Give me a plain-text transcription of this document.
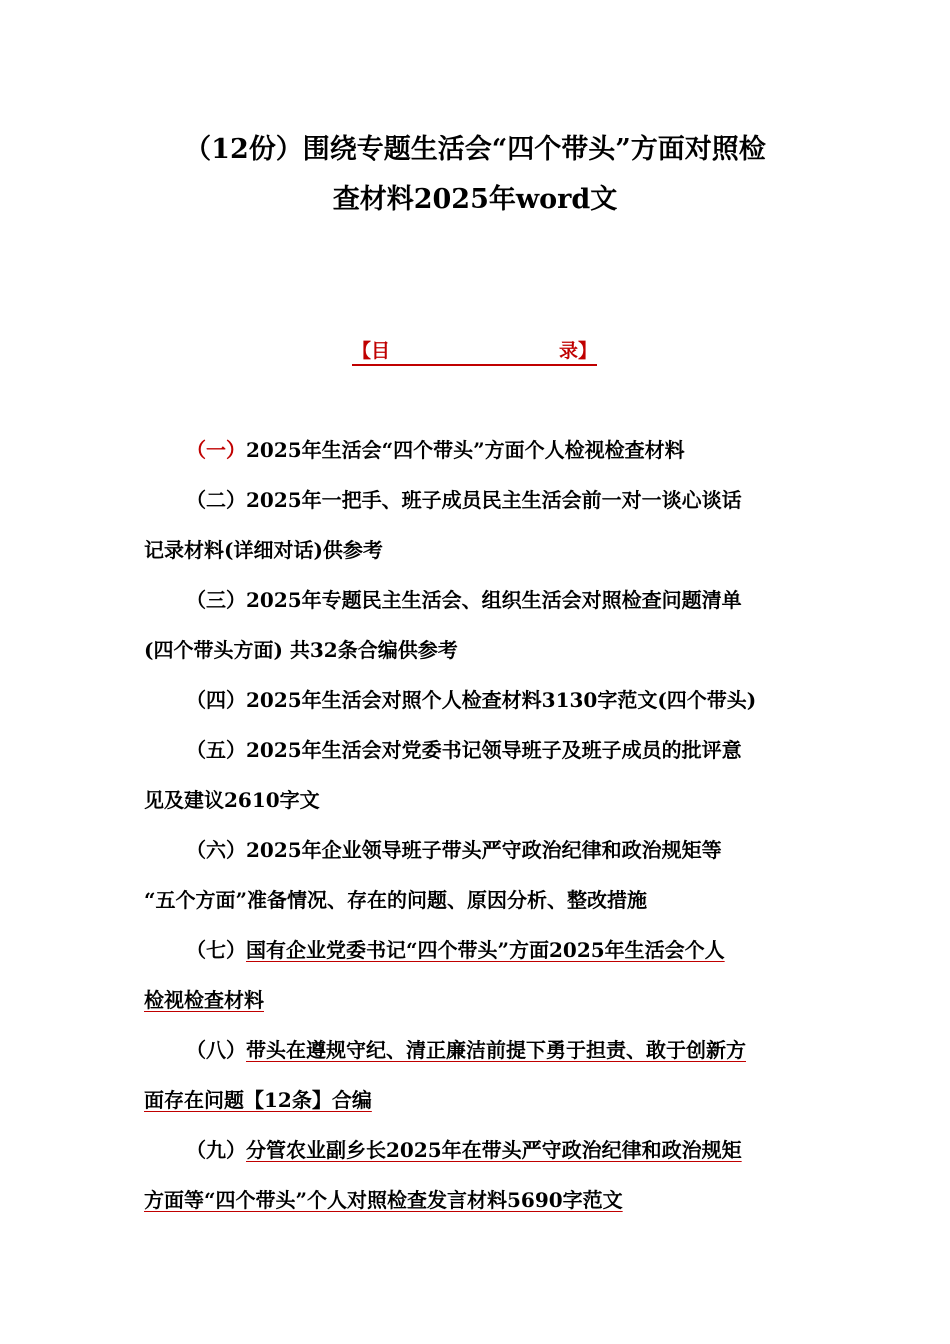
（12份）围绕专题生活会“四个带头”方面对照检
查材料2025年word文
【目	录】
（一）2025年生活会“四个带头”方面个人检视检查材料
（二）2025年一把手、班子成员民主生活会前一对一谈心谈话
记录材料(详细对话)供参考
（三）2025年专题民主生活会、组织生活会对照检查问题清单
(四个带头方面) 共32条合编供参考
（四）2025年生活会对照个人检查材料3130字范文(四个带头)
（五）2025年生活会对党委书记领导班子及班子成员的批评意
见及建议2610字文
（六）2025年企业领导班子带头严守政治纪律和政治规矩等
“五个方面”准备情况、存在的问题、原因分析、整改措施
（七）国有企业党委书记“四个带头”方面2025年生活会个人
检视检查材料
（八）带头在遵规守纪、清正廉洁前提下勇于担责、敢于创新方
面存在问题【12条】合编
（九）分管农业副乡长2025年在带头严守政治纪律和政治规矩
方面等“四个带头”个人对照检查发言材料5690字范文
